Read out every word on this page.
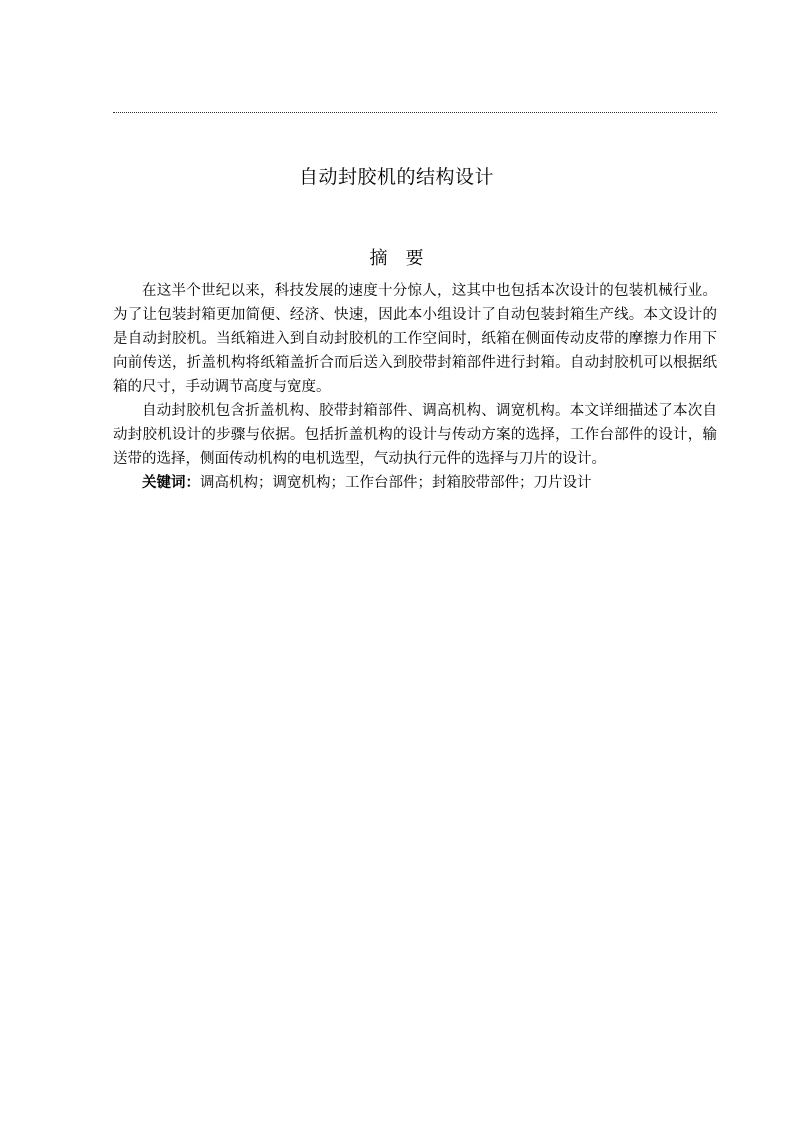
自动封胶机的结构设计
摘要

在这半个世纪以来，科技发展的速度十分惊人，这其中也包括本次设计的包装机械行业。为了让包装封箱更加简便、经济、快速，因此本小组设计了自动包装封箱生产线。本文设计的是自动封胶机。当纸箱进入到自动封胶机的工作空间时，纸箱在侧面传动皮带的摩擦力作用下向前传送，折盖机构将纸箱盖折合而后送入到胶带封箱部件进行封箱。自动封胶机可以根据纸箱的尺寸，手动调节高度与宽度。

自动封胶机包含折盖机构、胶带封箱部件、调高机构、调宽机构。本文详细描述了本次自动封胶机设计的步骤与依据。包括折盖机构的设计与传动方案的选择，工作台部件的设计，输送带的选择，侧面传动机构的电机选型，气动执行元件的选择与刀片的设计。

关键词：调高机构；调宽机构；工作台部件；封箱胶带部件；刀片设计
